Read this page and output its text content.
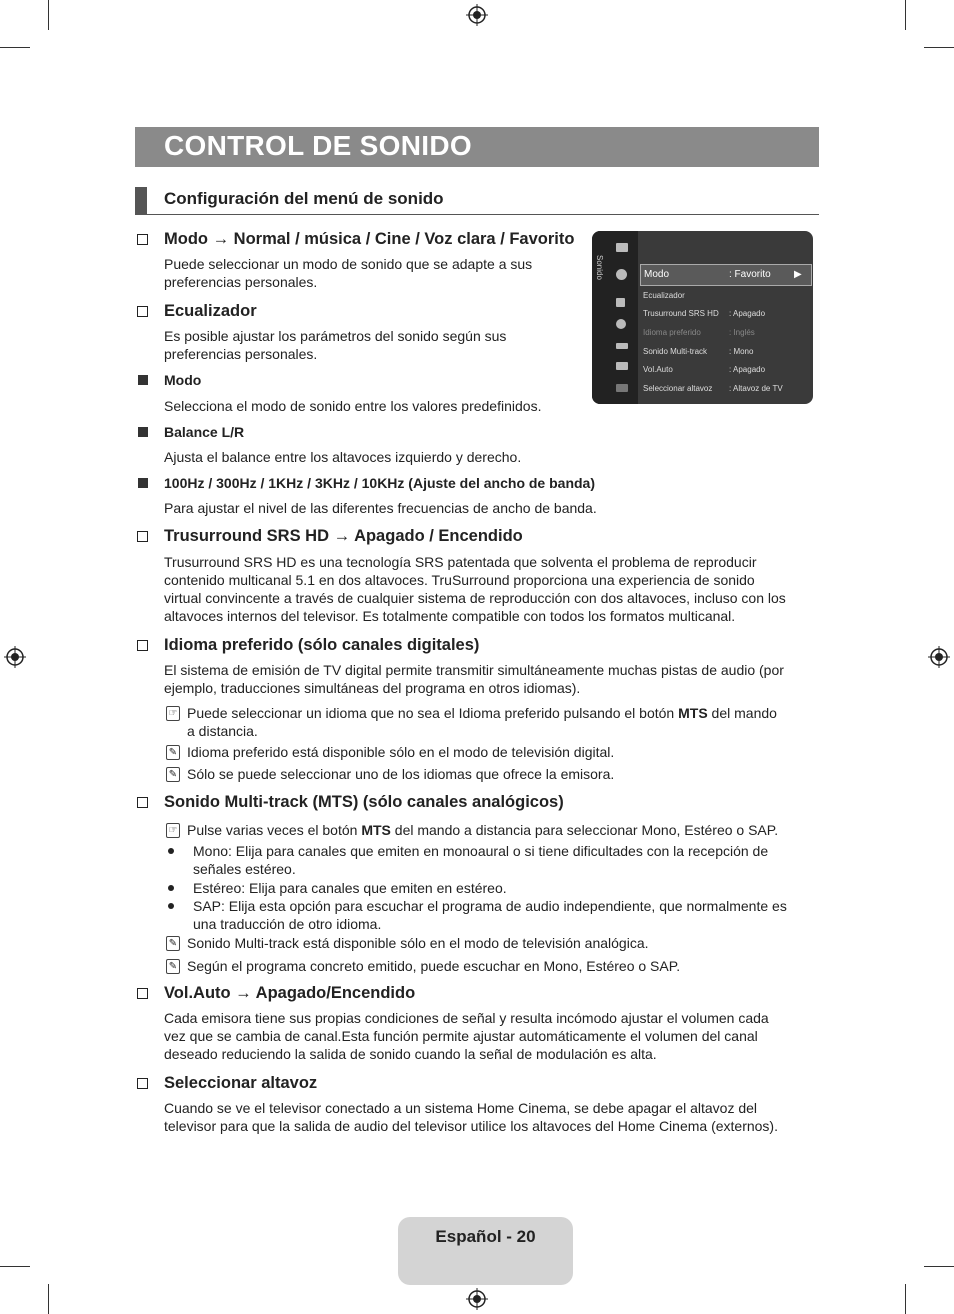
CONTROL DE SONIDO
Configuración del menú de sonido
Sonido	Modo	: Favorito ▶
Ecualizador
Trusurround SRS HD : Apagado
Idioma preferido	: Inglés
Sonido Multi-track	: Mono
Vol.Auto	: Apagado
Seleccionar altavoz : Altavoz de TV
Modo → Normal / música / Cine / Voz clara / Favorito
Puede seleccionar un modo de sonido que se adapte a sus
preferencias personales.
Ecualizador
Es posible ajustar los parámetros del sonido según sus
preferencias personales.
Modo
Selecciona el modo de sonido entre los valores predefinidos.
Balance L/R
Ajusta el balance entre los altavoces izquierdo y derecho.
100Hz / 300Hz / 1KHz / 3KHz / 10KHz (Ajuste del ancho de banda)
Para ajustar el nivel de las diferentes frecuencias de ancho de banda.
Trusurround SRS HD → Apagado / Encendido
Trusurround SRS HD es una tecnología SRS patentada que solventa el problema de reproducir
contenido multicanal 5.1 en dos altavoces. TruSurround proporciona una experiencia de sonido
virtual convincente a través de cualquier sistema de reproducción con dos altavoces, incluso con los
altavoces internos del televisor. Es totalmente compatible con todos los formatos multicanal.
Idioma preferido (sólo canales digitales)
El sistema de emisión de TV digital permite transmitir simultáneamente muchas pistas de audio (por
ejemplo, traducciones simultáneas del programa en otros idiomas).
☞ Puede seleccionar un idioma que no sea el Idioma preferido pulsando el botón MTS del mando
a distancia.
✎ Idioma preferido está disponible sólo en el modo de televisión digital.
✎ Sólo se puede seleccionar uno de los idiomas que ofrece la emisora.
Sonido Multi-track (MTS) (sólo canales analógicos)
☞ Pulse varias veces el botón MTS del mando a distancia para seleccionar Mono, Estéreo o SAP.
Mono: Elija para canales que emiten en monoaural o si tiene dificultades con la recepción de
señales estéreo.
Estéreo: Elija para canales que emiten en estéreo.
SAP: Elija esta opción para escuchar el programa de audio independiente, que normalmente es
una traducción de otro idioma.
✎ Sonido Multi-track está disponible sólo en el modo de televisión analógica.
✎ Según el programa concreto emitido, puede escuchar en Mono, Estéreo o SAP.
Vol.Auto → Apagado/Encendido
Cada emisora tiene sus propias condiciones de señal y resulta incómodo ajustar el volumen cada
vez que se cambia de canal.Esta función permite ajustar automáticamente el volumen del canal
deseado reduciendo la salida de sonido cuando la señal de modulación es alta.
Seleccionar altavoz
Cuando se ve el televisor conectado a un sistema Home Cinema, se debe apagar el altavoz del
televisor para que la salida de audio del televisor utilice los altavoces del Home Cinema (externos).
Español - 20
